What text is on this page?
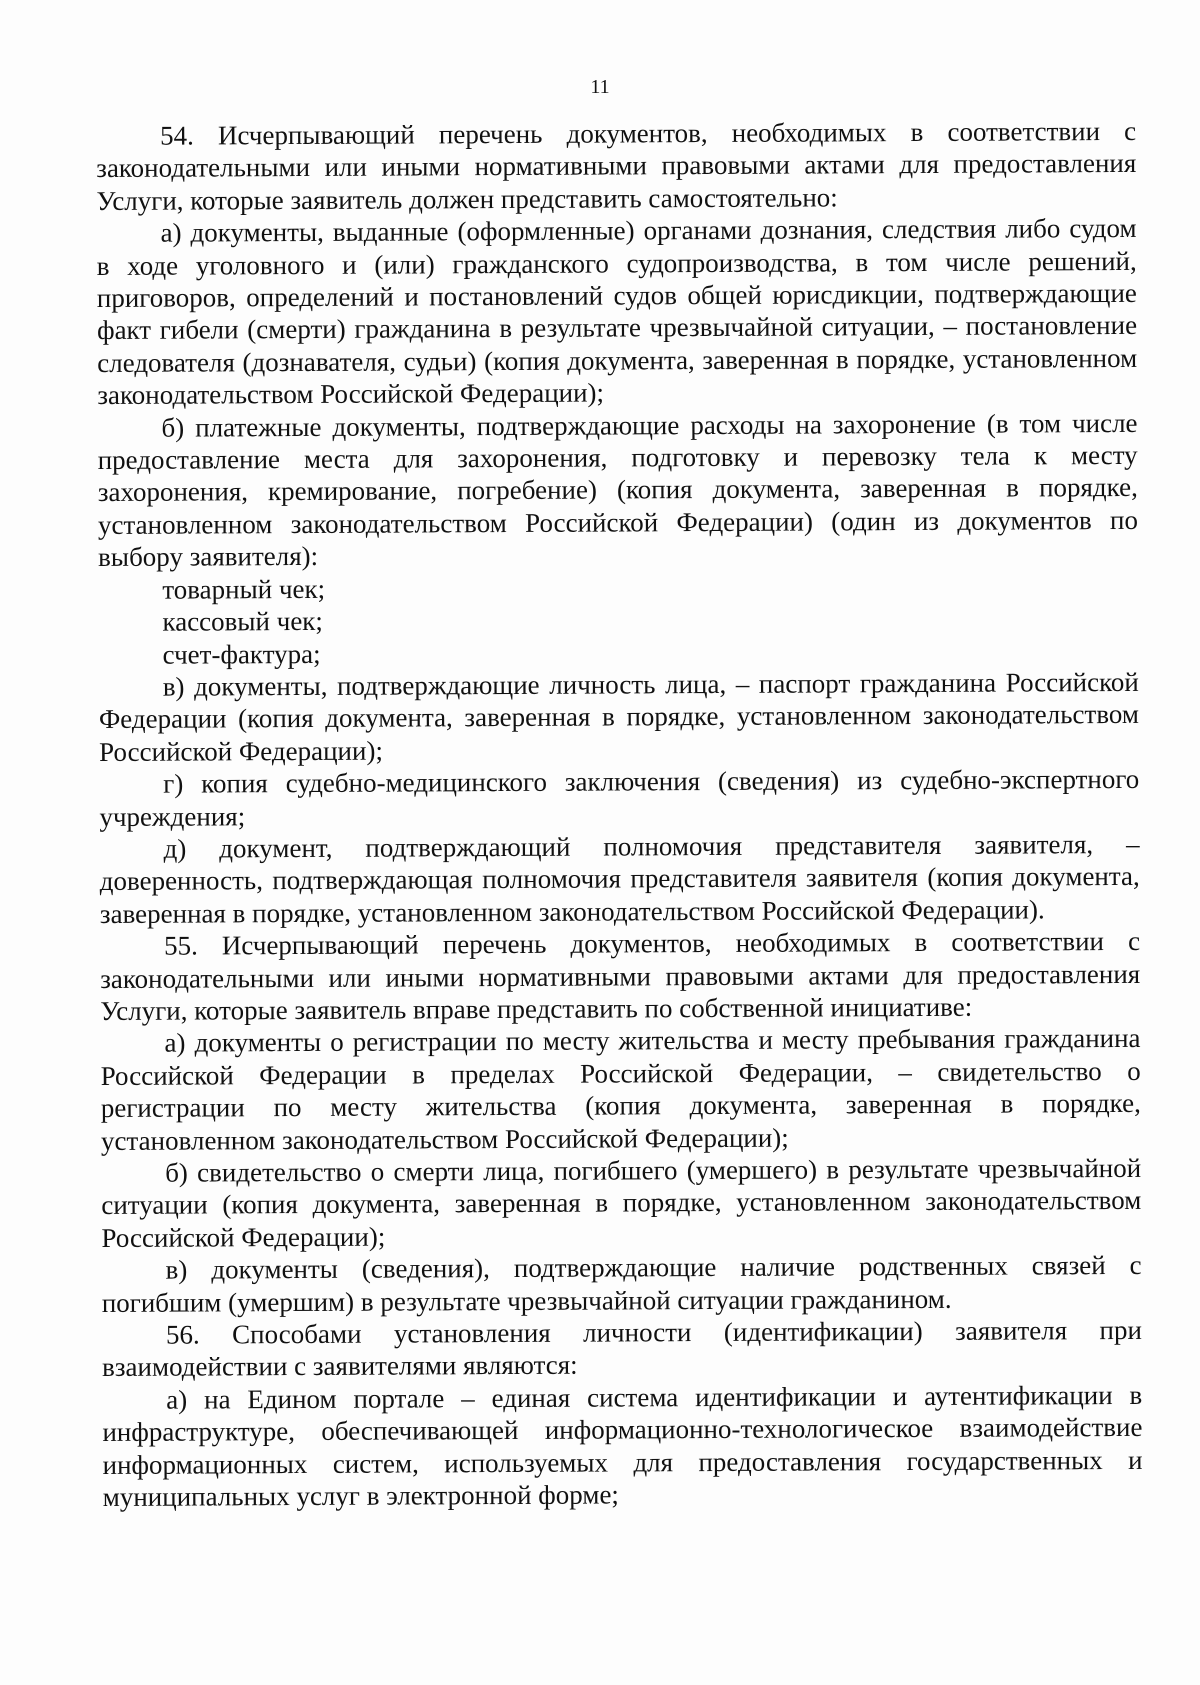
11

54. Исчерпывающий перечень документов, необходимых в соответствии с законодательными или иными нормативными правовыми актами для предоставления Услуги, которые заявитель должен представить самостоятельно:

а) документы, выданные (оформленные) органами дознания, следствия либо судом в ходе уголовного и (или) гражданского судопроизводства, в том числе решений, приговоров, определений и постановлений судов общей юрисдикции, подтверждающие факт гибели (смерти) гражданина в результате чрезвычайной ситуации, – постановление следователя (дознавателя, судьи) (копия документа, заверенная в порядке, установленном законодательством Российской Федерации);

б) платежные документы, подтверждающие расходы на захоронение (в том числе предоставление места для захоронения, подготовку и перевозку тела к месту захоронения, кремирование, погребение) (копия документа, заверенная в порядке, установленном законодательством Российской Федерации) (один из документов по выбору заявителя):

товарный чек;

кассовый чек;

счет-фактура;

в) документы, подтверждающие личность лица, – паспорт гражданина Российской Федерации (копия документа, заверенная в порядке, установленном законодательством Российской Федерации);

г) копия судебно-медицинского заключения (сведения) из судебно-экспертного учреждения;

д) документ, подтверждающий полномочия представителя заявителя, – доверенность, подтверждающая полномочия представителя заявителя (копия документа, заверенная в порядке, установленном законодательством Российской Федерации).

55. Исчерпывающий перечень документов, необходимых в соответствии с законодательными или иными нормативными правовыми актами для предоставления Услуги, которые заявитель вправе представить по собственной инициативе:

а) документы о регистрации по месту жительства и месту пребывания гражданина Российской Федерации в пределах Российской Федерации, – свидетельство о регистрации по месту жительства (копия документа, заверенная в порядке, установленном законодательством Российской Федерации);

б) свидетельство о смерти лица, погибшего (умершего) в результате чрезвычайной ситуации (копия документа, заверенная в порядке, установленном законодательством Российской Федерации);

в) документы (сведения), подтверждающие наличие родственных связей с погибшим (умершим) в результате чрезвычайной ситуации гражданином.

56. Способами установления личности (идентификации) заявителя при взаимодействии с заявителями являются:

а) на Едином портале – единая система идентификации и аутентификации в инфраструктуре, обеспечивающей информационно-технологическое взаимодействие информационных систем, используемых для предоставления государственных и муниципальных услуг в электронной форме;
